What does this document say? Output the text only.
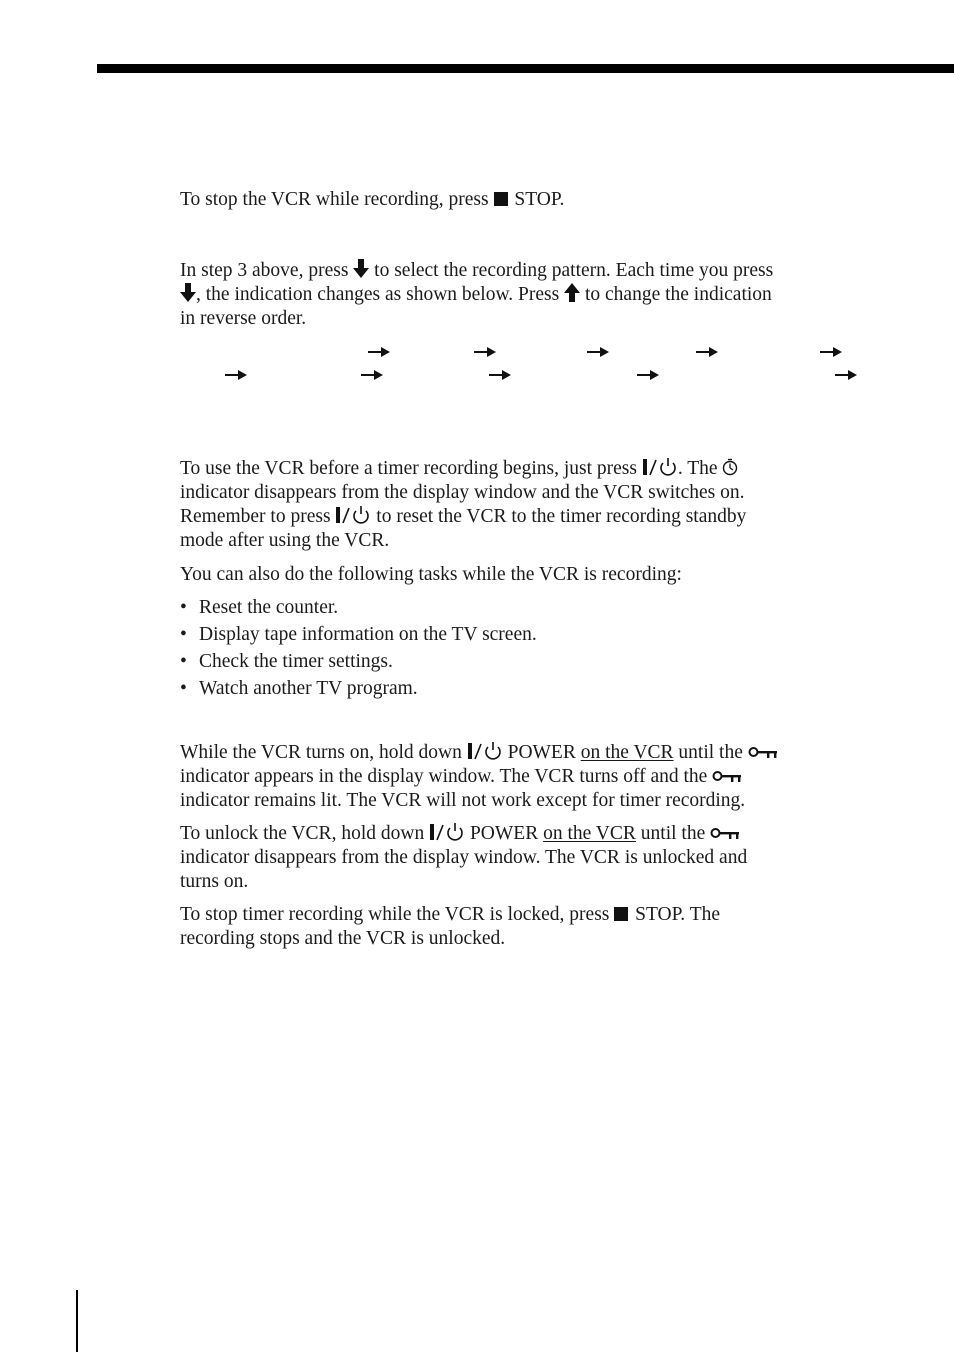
To stop the VCR while recording, press  STOP.

In step 3 above, press  to select the recording pattern. Each time you press

, the indication changes as shown below. Press  to change the indication

in reverse order.

To use the VCR before a timer recording begins, just press . The

indicator disappears from the display window and the VCR switches on.

Remember to press  to reset the VCR to the timer recording standby

mode after using the VCR.

You can also do the following tasks while the VCR is recording:

• Reset the counter.
• Display tape information on the TV screen.
• Check the timer settings.
• Watch another TV program.

While the VCR turns on, hold down  POWER on the VCR until the

indicator appears in the display window. The VCR turns off and the

indicator remains lit. The VCR will not work except for timer recording.

To unlock the VCR, hold down  POWER on the VCR until the

indicator disappears from the display window. The VCR is unlocked and

turns on.

To stop timer recording while the VCR is locked, press  STOP. The

recording stops and the VCR is unlocked.
